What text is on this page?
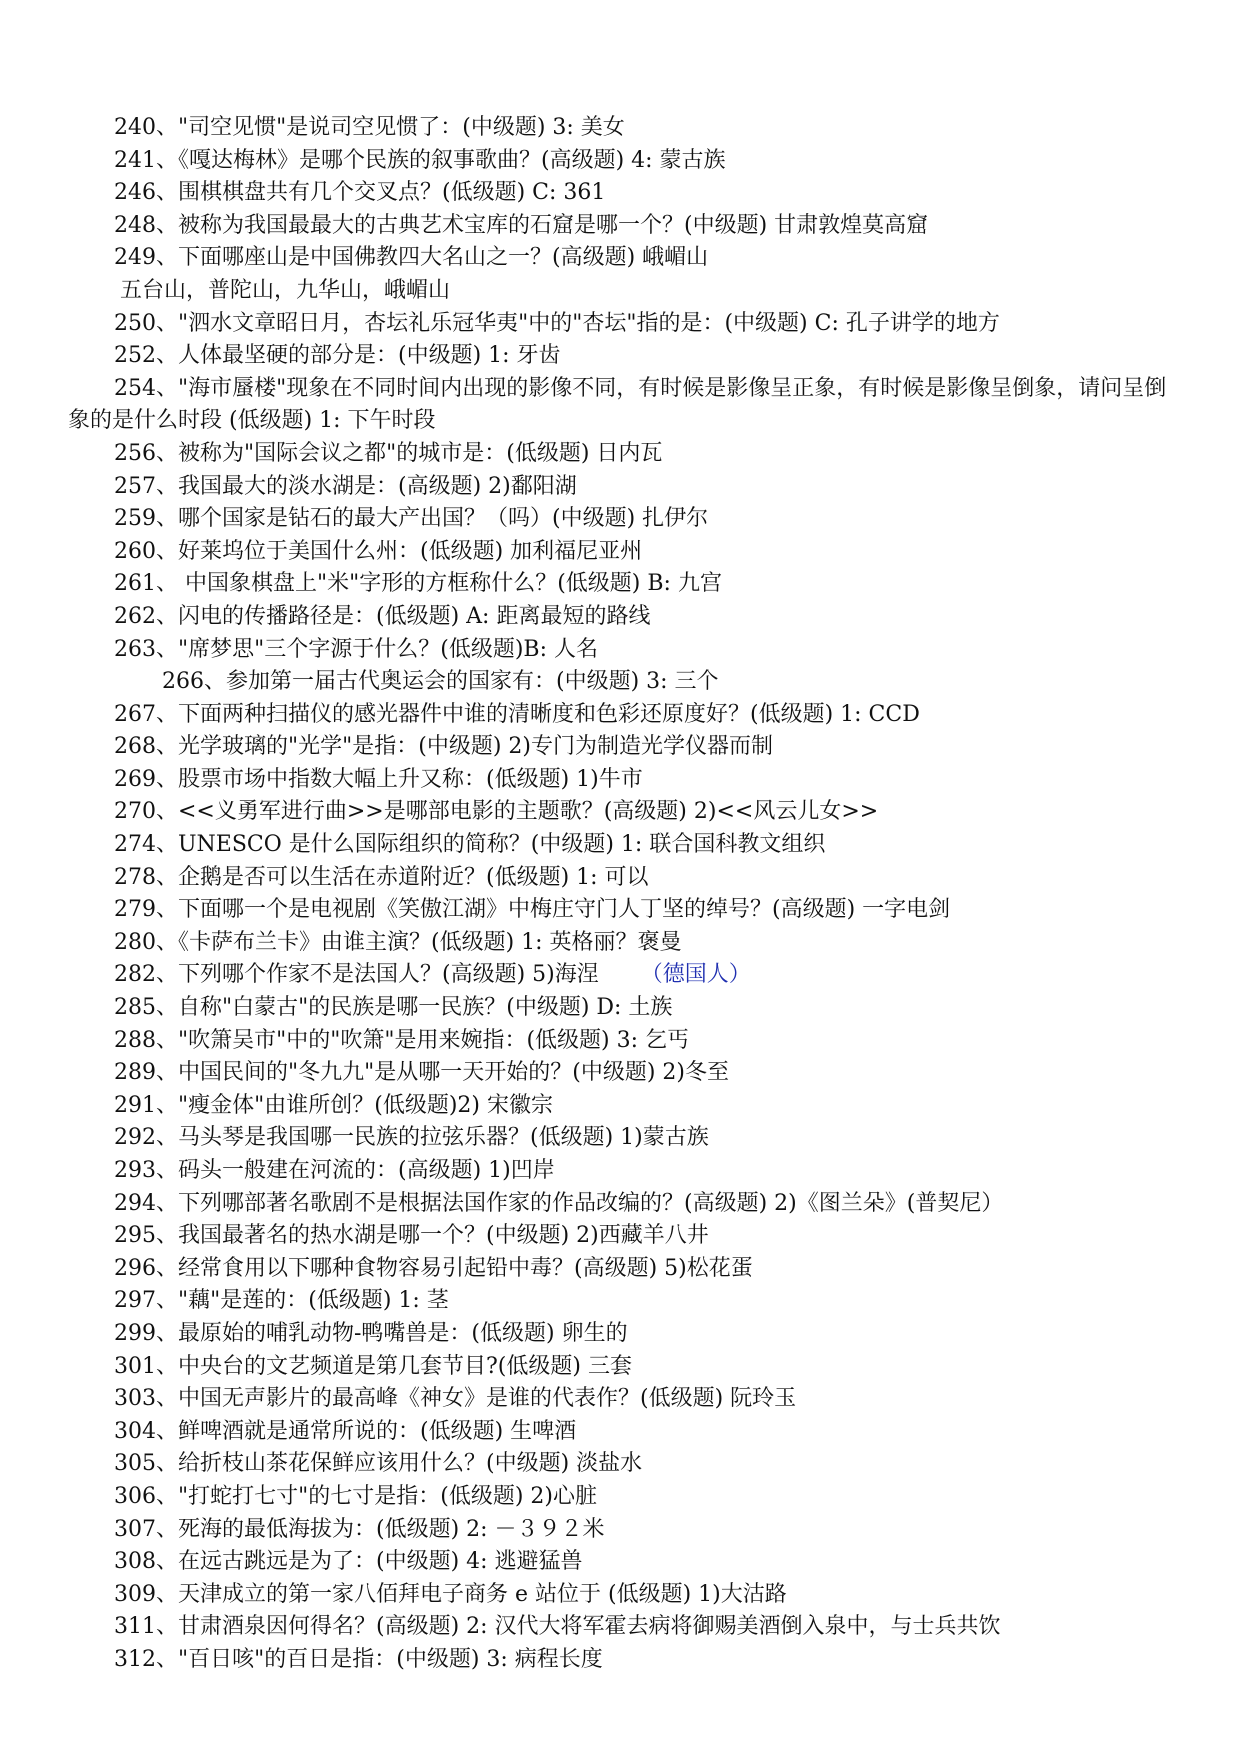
240、"司空见惯"是说司空见惯了：(中级题) 3: 美女
241、《嘎达梅林》是哪个民族的叙事歌曲？(高级题) 4: 蒙古族
246、围棋棋盘共有几个交叉点？(低级题) C: 361
248、被称为我国最最大的古典艺术宝库的石窟是哪一个？(中级题) 甘肃敦煌莫高窟
249、下面哪座山是中国佛教四大名山之一？(高级题) 峨嵋山
五台山，普陀山，九华山，峨嵋山
250、"泗水文章昭日月，杏坛礼乐冠华夷"中的"杏坛"指的是：(中级题) C: 孔子讲学的地方
252、人体最坚硬的部分是：(中级题) 1: 牙齿
254、"海市蜃楼"现象在不同时间内出现的影像不同，有时候是影像呈正象，有时候是影像呈倒象，请问呈倒象的是什么时段 (低级题) 1: 下午时段
256、被称为"国际会议之都"的城市是：(低级题) 日内瓦
257、我国最大的淡水湖是：(高级题) 2)鄱阳湖
259、哪个国家是钻石的最大产出国？（吗）(中级题) 扎伊尔
260、好莱坞位于美国什么州：(低级题) 加利福尼亚州
261、 中国象棋盘上"米"字形的方框称什么？(低级题) B: 九宫
262、闪电的传播路径是：(低级题) A: 距离最短的路线
263、"席梦思"三个字源于什么？(低级题)B: 人名
266、参加第一届古代奥运会的国家有：(中级题) 3: 三个
267、下面两种扫描仪的感光器件中谁的清晰度和色彩还原度好？(低级题) 1: CCD
268、光学玻璃的"光学"是指：(中级题) 2)专门为制造光学仪器而制
269、股票市场中指数大幅上升又称：(低级题) 1)牛市
270、<<义勇军进行曲>>是哪部电影的主题歌？(高级题) 2)<<风云儿女>>
274、UNESCO 是什么国际组织的简称？(中级题) 1: 联合国科教文组织
278、企鹅是否可以生活在赤道附近？(低级题) 1: 可以
279、下面哪一个是电视剧《笑傲江湖》中梅庄守门人丁坚的绰号？(高级题) 一字电剑
280、《卡萨布兰卡》由谁主演？(低级题) 1: 英格丽？褒曼
282、下列哪个作家不是法国人？(高级题) 5)海涅 （德国人）
285、自称"白蒙古"的民族是哪一民族？(中级题) D: 土族
288、"吹箫吴市"中的"吹箫"是用来婉指：(低级题) 3: 乞丐
289、中国民间的"冬九九"是从哪一天开始的？(中级题) 2)冬至
291、"瘦金体"由谁所创？(低级题)2) 宋徽宗
292、马头琴是我国哪一民族的拉弦乐器？(低级题) 1)蒙古族
293、码头一般建在河流的：(高级题) 1)凹岸
294、下列哪部著名歌剧不是根据法国作家的作品改编的？(高级题) 2)《图兰朵》(普契尼）
295、我国最著名的热水湖是哪一个？(中级题) 2)西藏羊八井
296、经常食用以下哪种食物容易引起铅中毒？(高级题) 5)松花蛋
297、"藕"是莲的：(低级题) 1: 茎
299、最原始的哺乳动物-鸭嘴兽是：(低级题) 卵生的
301、中央台的文艺频道是第几套节目?(低级题) 三套
303、中国无声影片的最高峰《神女》是谁的代表作？(低级题) 阮玲玉
304、鲜啤酒就是通常所说的：(低级题) 生啤酒
305、给折枝山茶花保鲜应该用什么？(中级题) 淡盐水
306、"打蛇打七寸"的七寸是指：(低级题) 2)心脏
307、死海的最低海拔为：(低级题) 2: －３９２米
308、在远古跳远是为了：(中级题) 4: 逃避猛兽
309、天津成立的第一家八佰拜电子商务 e 站位于 (低级题) 1)大沽路
311、甘肃酒泉因何得名？(高级题) 2: 汉代大将军霍去病将御赐美酒倒入泉中，与士兵共饮
312、"百日咳"的百日是指：(中级题) 3: 病程长度
